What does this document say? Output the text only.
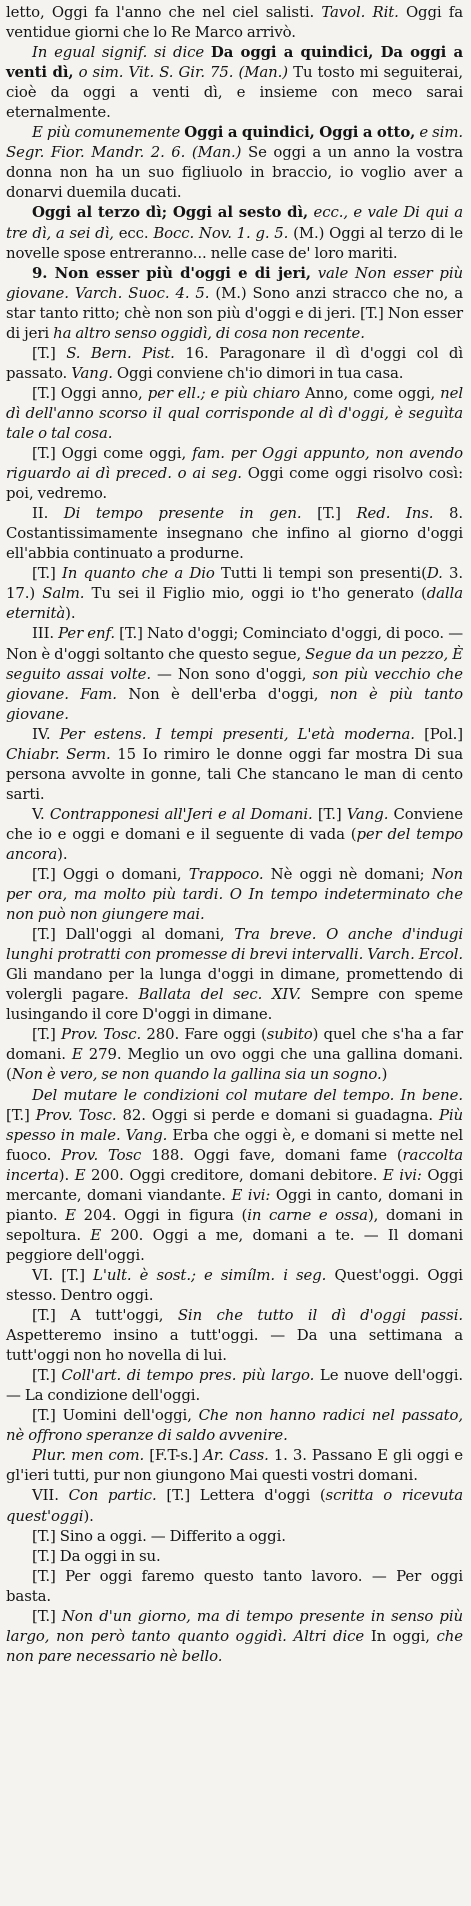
letto, Oggi fa l'anno che nel ciel salisti. Tavol. Rit. Oggi fa ventidue giorni che lo Re Marco arrivò.

In egual signif. si dice Da oggi a quindici, Da oggi a venti dì, o sim. Vit. S. Gir. 75. (Man.) Tu tosto mi seguiterai, cioè da oggi a venti dì, e insieme con meco sarai eternalmente.

E più comunemente Oggi a quindici, Oggi a otto, e sim. Segr. Fior. Mandr. 2. 6. (Man.) Se oggi a un anno la vostra donna non ha un suo figliuolo in braccio, io voglio aver a donarvi duemila ducati.

Oggi al terzo dì; Oggi al sesto dì, ecc., e vale Di qui a tre dì, a sei dì, ecc. Bocc. Nov. 1. g. 5. (M.) Oggi al terzo di le novelle spose entreranno... nelle case de' loro mariti.

9. Non esser più d'oggi e di jeri, vale Non esser più giovane. Varch. Suoc. 4. 5. (M.) Sono anzi stracco che no, a star tanto ritto; chè non son più d'oggi e di jeri. [T.] Non esser di jeri ha altro senso oggidì, di cosa non recente.

[T.] S. Bern. Pist. 16. Paragonare il dì d'oggi col dì passato. Vang. Oggi conviene ch'io dimori in tua casa.

[T.] Oggi anno, per ell.; e più chiaro Anno, come oggi, nel dì dell'anno scorso il qual corrisponde al dì d'oggi, è seguìta tale o tal cosa.

[T.] Oggi come oggi, fam. per Oggi appunto, non avendo riguardo ai dì preced. o ai seg. Oggi come oggi risolvo così: poi, vedremo.

II. Di tempo presente in gen. [T.] Red. Ins. 8. Costantissimamente insegnano che infino al giorno d'oggi ell'abbia continuato a produrne.

[T.] In quanto che a Dio Tutti li tempi son presenti(D. 3. 17.) Salm. Tu sei il Figlio mio, oggi io t'ho generato (dalla eternità).

III. Per enf. [T.] Nato d'oggi; Cominciato d'oggi, di poco. — Non è d'oggi soltanto che questo segue, Segue da un pezzo, È seguito assai volte. — Non sono d'oggi, son più vecchio che giovane. Fam. Non è dell'erba d'oggi, non è più tanto giovane.

IV. Per estens. I tempi presenti, L'età moderna. [Pol.] Chiabr. Serm. 15 Io rimiro le donne oggi far mostra Di sua persona avvolte in gonne, tali Che stancano le man di cento sarti.

V. Contrapponesi all'Jeri e al Domani. [T.] Vang. Conviene che io e oggi e domani e il seguente di vada (per del tempo ancora).

[T.] Oggi o domani, Trappoco. Nè oggi nè domani; Non per ora, ma molto più tardi. O In tempo indeterminato che non può non giungere mai.

[T.] Dall'oggi al domani, Tra breve. O anche d'indugi lunghi protratti con promesse di brevi intervalli. Varch. Ercol. Gli mandano per la lunga d'oggi in dimane, promettendo di volergli pagare. Ballata del sec. XIV. Sempre con speme lusingando il core D'oggi in dimane.

[T.] Prov. Tosc. 280. Fare oggi (subito) quel che s'ha a far domani. E 279. Meglio un ovo oggi che una gallina domani. (Non è vero, se non quando la gallina sia un sogno.)

Del mutare le condizioni col mutare del tempo. In bene. [T.] Prov. Tosc. 82. Oggi si perde e domani si guadagna. Più spesso in male. Vang. Erba che oggi è, e domani si mette nel fuoco. Prov. Tosc 188. Oggi fave, domani fame (raccolta incerta). E 200. Oggi creditore, domani debitore. E ivi: Oggi mercante, domani viandante. E ivi: Oggi in canto, domani in pianto. E 204. Oggi in figura (in carne e ossa), domani in sepoltura. E 200. Oggi a me, domani a te. — Il domani peggiore dell'oggi.

VI. [T.] L'ult. è sost.; e simílm. i seg. Quest'oggi. Oggi stesso. Dentro oggi.

[T.] A tutt'oggi, Sin che tutto il dì d'oggi passi. Aspetteremo insino a tutt'oggi. — Da una settimana a tutt'oggi non ho novella di lui.

[T.] Coll'art. di tempo pres. più largo. Le nuove dell'oggi. — La condizione dell'oggi.

[T.] Uomini dell'oggi, Che non hanno radici nel passato, nè offrono speranze di saldo avvenire.

Plur. men com. [F.T-s.] Ar. Cass. 1. 3. Passano E gli oggi e gl'ieri tutti, pur non giungono Mai questi vostri domani.

VII. Con partic. [T.] Lettera d'oggi (scritta o ricevuta quest'oggi).

[T.] Sino a oggi. — Differito a oggi.

[T.] Da oggi in su.

[T.] Per oggi faremo questo tanto lavoro. — Per oggi basta.

[T.] Non d'un giorno, ma di tempo presente in senso più largo, non però tanto quanto oggidì. Altri dice In oggi, che non pare necessario nè bello.
